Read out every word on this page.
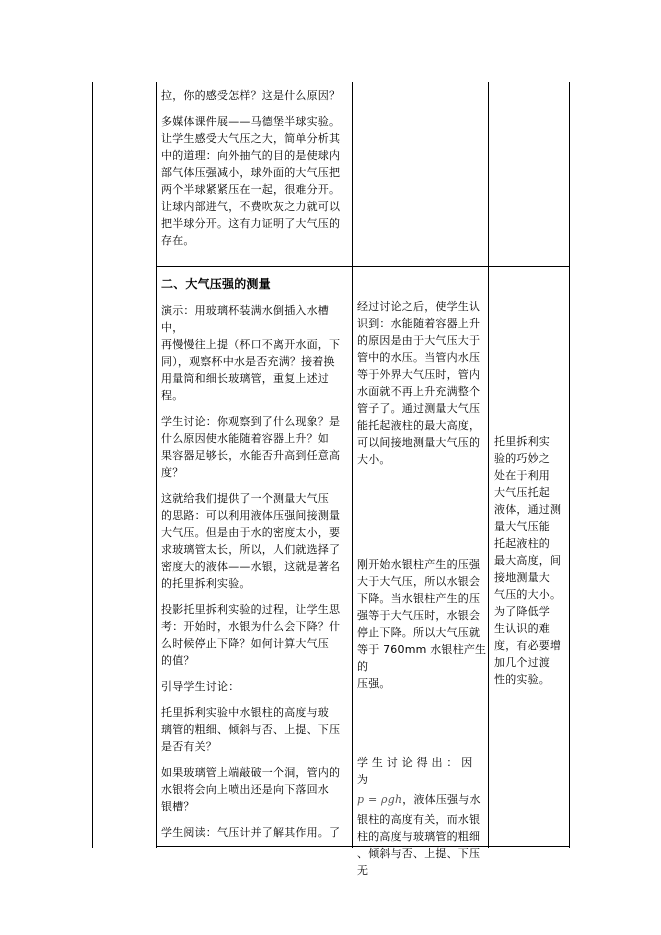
拉，你的感受怎样？这是什么原因？

多媒体课件展——马德堡半球实验。
让学生感受大气压之大，简单分析其
中的道理：向外抽气的目的是使球内
部气体压强减小，球外面的大气压把
两个半球紧紧压在一起，很难分开。
让球内部进气，不费吹灰之力就可以
把半球分开。这有力证明了大气压的
存在。

二、大气压强的测量

演示：用玻璃杯装满水倒插入水槽中，
再慢慢往上提（杯口不离开水面，下
同），观察杯中水是否充满？接着换
用量筒和细长玻璃管，重复上述过程。

学生讨论：你观察到了什么现象？是
什么原因使水能随着容器上升？如
果容器足够长，水能否升高到任意高
度？

这就给我们提供了一个测量大气压
的思路：可以利用液体压强间接测量
大气压。但是由于水的密度太小，要
求玻璃管太长，所以，人们就选择了
密度大的液体——水银，这就是著名
的托里拆利实验。

投影托里拆利实验的过程，让学生思
考：开始时，水银为什么会下降？什
么时候停止下降？如何计算大气压
的值？

引导学生讨论：

托里拆利实验中水银柱的高度与玻
璃管的粗细、倾斜与否、上提、下压
是否有关？

如果玻璃管上端敲破一个洞，管内的
水银将会向上喷出还是向下落回水
银槽？

学生阅读：气压计并了解其作用。了

经过讨论之后，使学生认
识到：水能随着容器上升
的原因是由于大气压大于
管中的水压。当管内水压
等于外界大气压时，管内
水面就不再上升充满整个
管子了。通过测量大气压
能托起液柱的最大高度，
可以间接地测量大气压的
大小。

刚开始水银柱产生的压强
大于大气压，所以水银会
下降。当水银柱产生的压
强等于大气压时，水银会
停止下降。所以大气压就
等于 760mm 水银柱产生的
压强。

学 生 讨 论 得 出 ： 因 为

p = ρgh，液体压强与水

银柱的高度有关，而水银
柱的高度与玻璃管的粗细
、倾斜与否、上提、下压无

托里拆利实
验的巧妙之
处在于利用
大气压托起
液体，通过测
量大气压能
托起液柱的
最大高度，间
接地测量大
气压的大小。
为了降低学
生认识的难
度，有必要增
加几个过渡
性的实验。
